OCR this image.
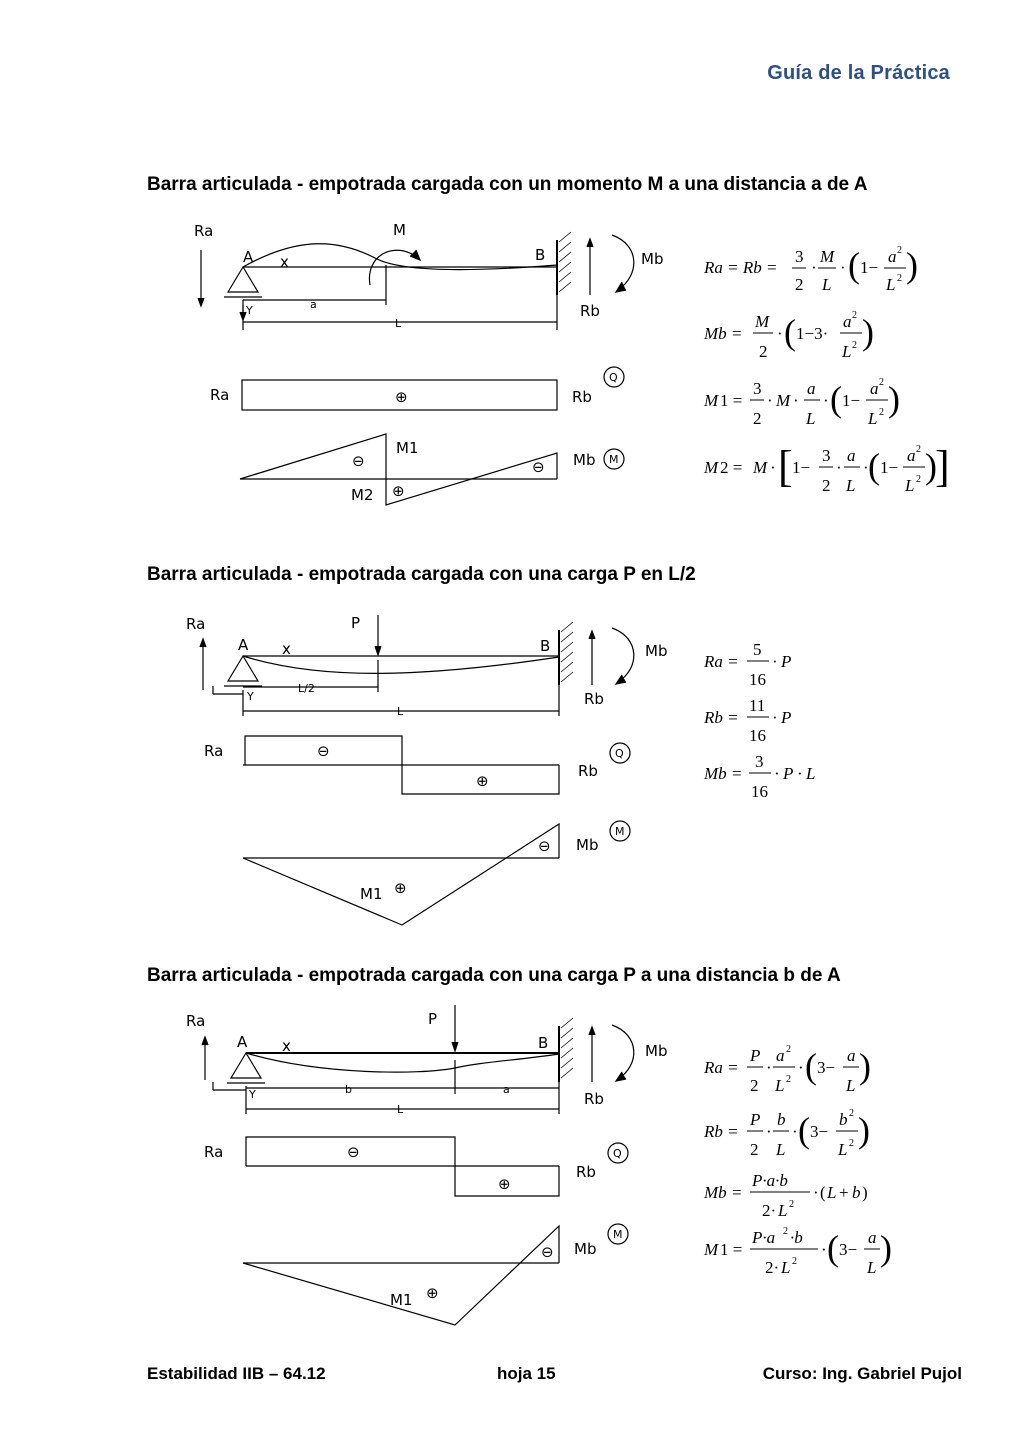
Guía de la Práctica
Barra articulada - empotrada cargada con un momento M a una distancia a de A
Barra articulada - empotrada cargada con una carga P en L/2
Barra articulada - empotrada cargada con una carga P a una distancia b de A
Ra
A x
Y	a
L
M
B	Mb
Rb
Ra	⊕	Rb
Q
M1
⊖	⊖
⊕
M2
Mb M
Ra
A x
Y
L/2
L
P
B	Mb
Rb
Ra	⊖
⊕
Rb
Q
⊖ Mb
M
⊕
M1
Ra
A x
Y	b	a
L
P
B	Mb
Rb
Ra	⊖
⊕
Rb
Q
⊖ Mb
M
⊕
M1
Ra = Rb =
3
2
·
M
L
· ( 1−
a 2
L 2 )
Mb =
M
2
· ( 1−3·
a 2
L 2 )
M 1 =
3
2
· M ·
a
L
· ( 1−
a 2
L 2 )
M 2 = M · [ 1−
3
2
·
a
L
· ( 1−
a 2
L 2 )
]
Ra =
5
16
· P
Rb =
11
16
· P
Mb =
3
16
· P · L
Ra =
P
2
·
a 2
L 2
· ( 3−
a
L )
Rb =
P
2
·
b
L
· ( 3−
b 2
L 2 )
Mb =
P·a·b
2· L 2
· ( L + b )
M 1 =
P·a 2 ·b
2· L 2
· ( 3−
a
L )
Estabilidad IIB – 64.12	hoja 15	Curso: Ing. Gabriel Pujol
